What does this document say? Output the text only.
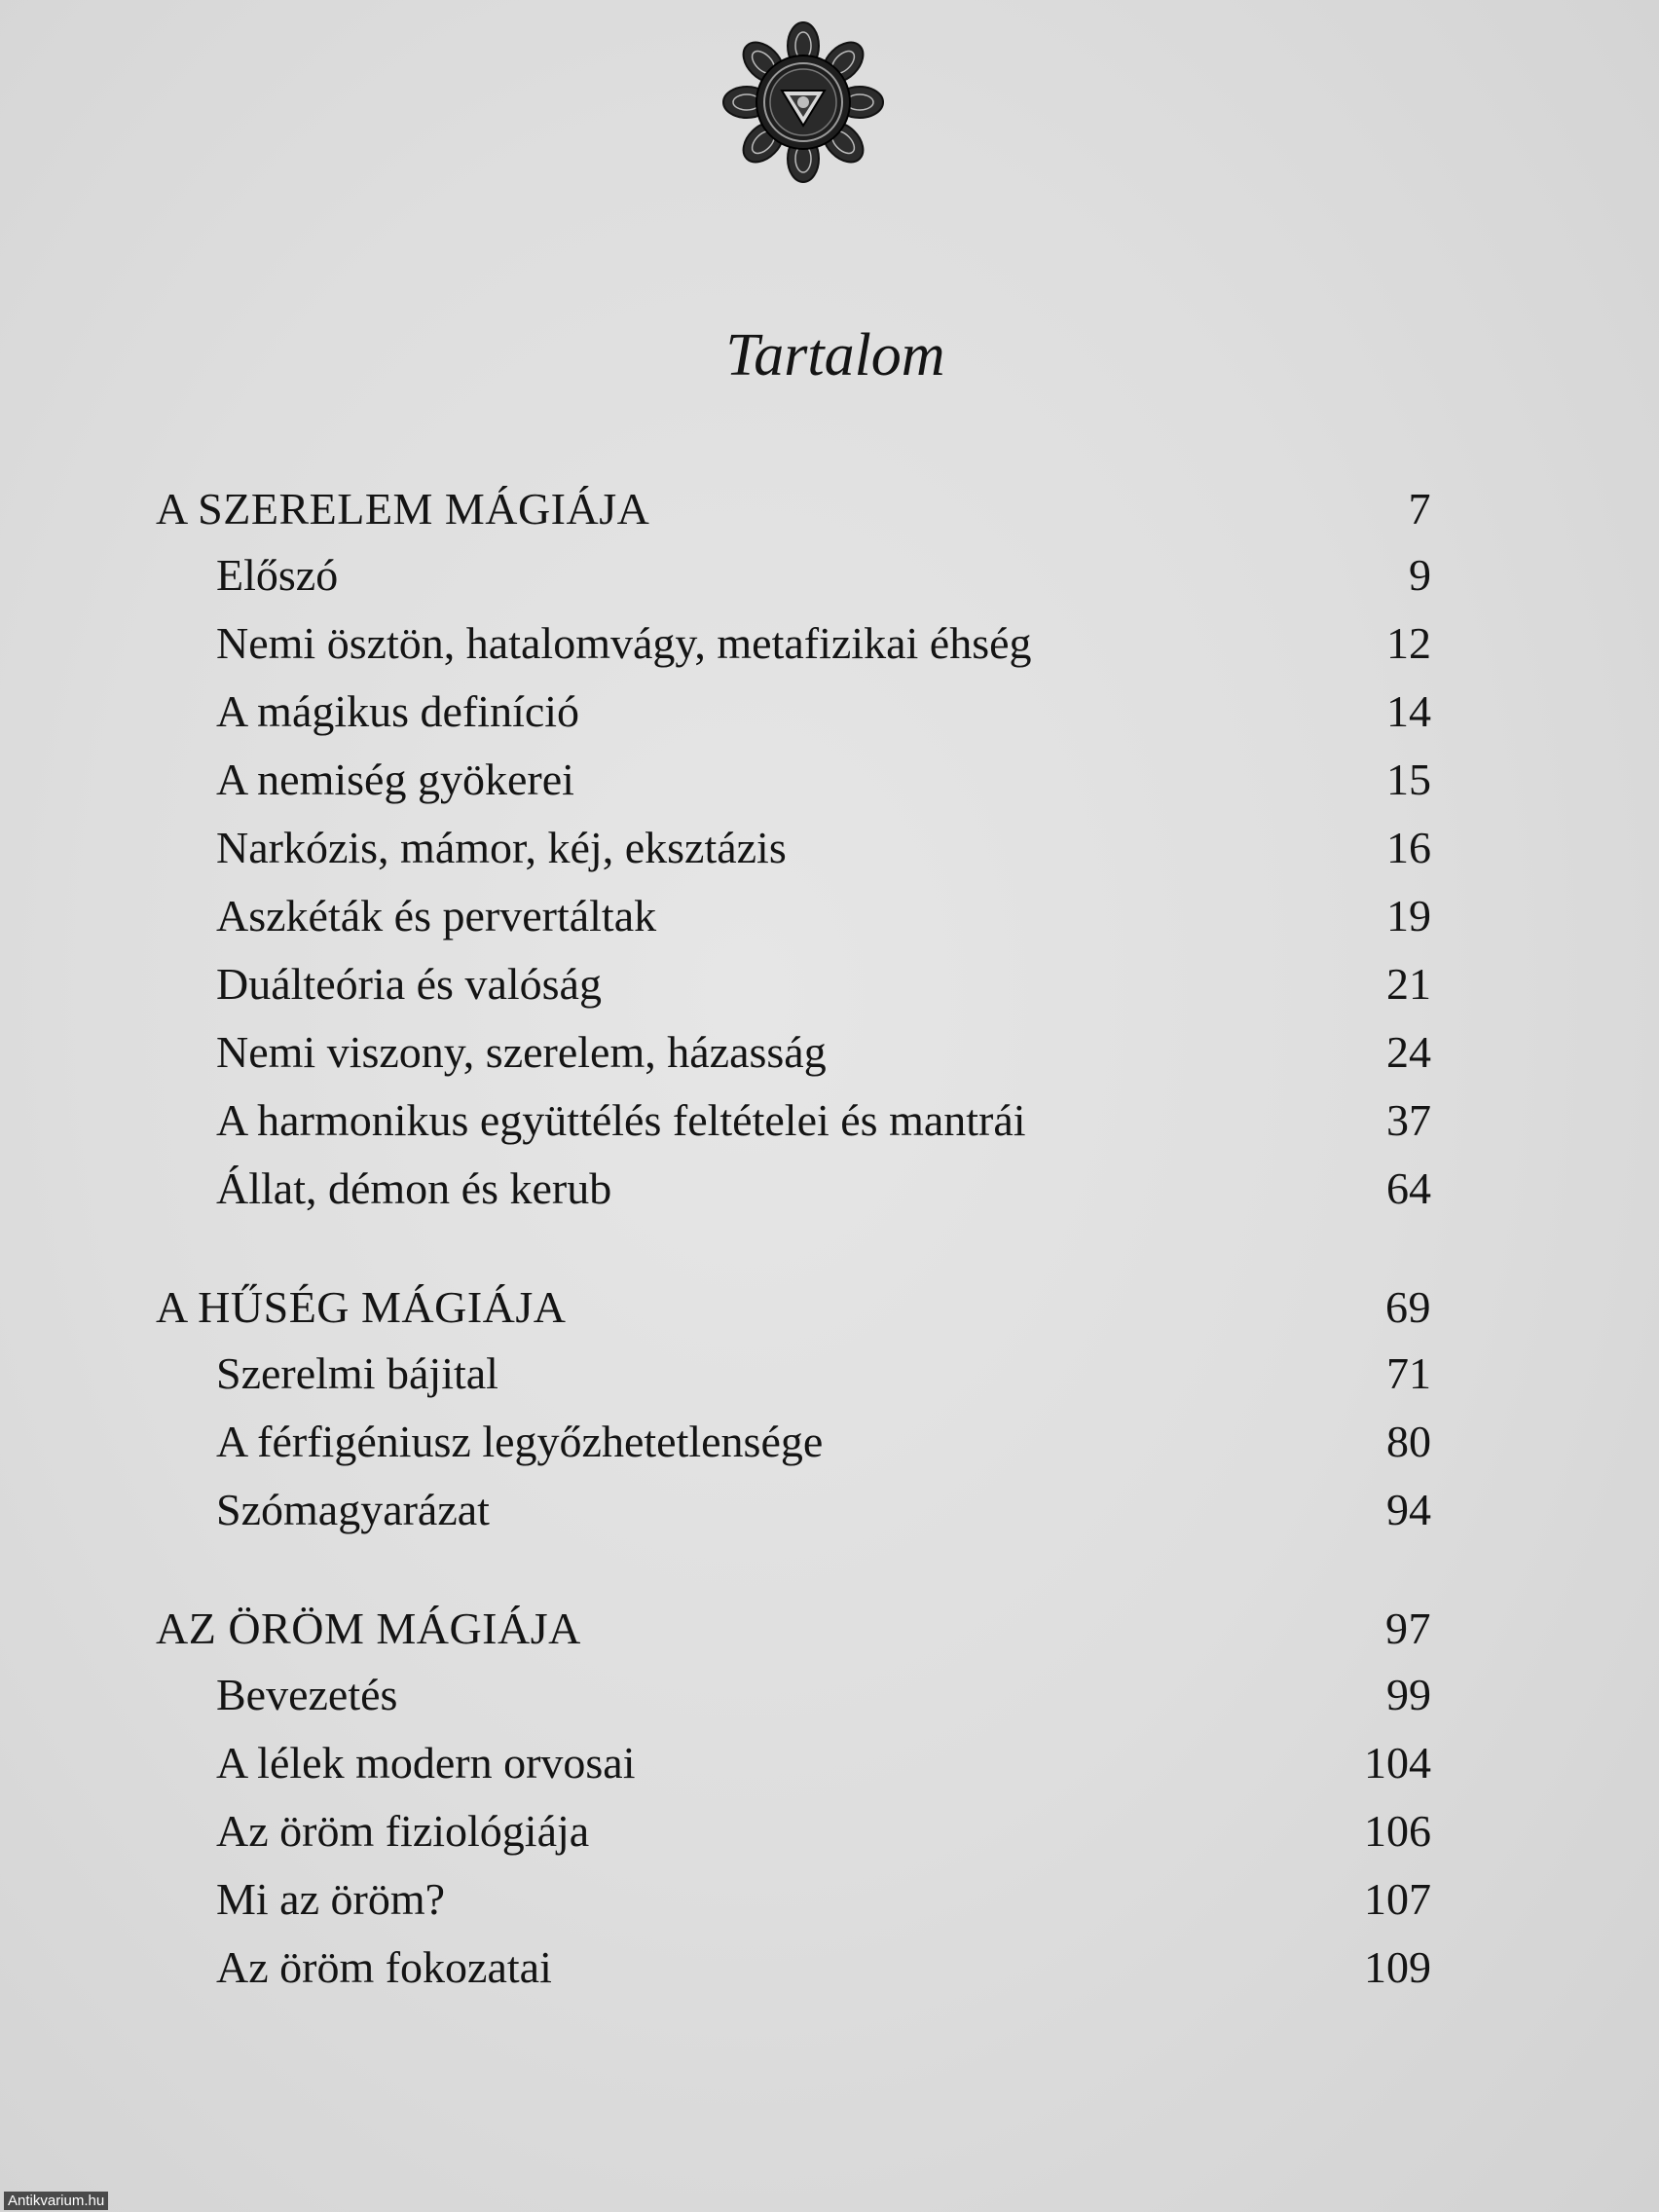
Tartalom
A SZERELEM MÁGIÁJA	7
Előszó	9
Nemi ösztön, hatalomvágy, metafizikai éhség	12
A mágikus definíció	14
A nemiség gyökerei	15
Narkózis, mámor, kéj, eksztázis	16
Aszkéták és pervertáltak	19
Duálteória és valóság	21
Nemi viszony, szerelem, házasság	24
A harmonikus együttélés feltételei és mantrái	37
Állat, démon és kerub	64
A HŰSÉG MÁGIÁJA	69
Szerelmi bájital	71
A férfigéniusz legyőzhetetlensége	80
Szómagyarázat	94
AZ ÖRÖM MÁGIÁJA	97
Bevezetés	99
A lélek modern orvosai	104
Az öröm fiziológiája	106
Mi az öröm?	107
Az öröm fokozatai	109
Antikvarium.hu
